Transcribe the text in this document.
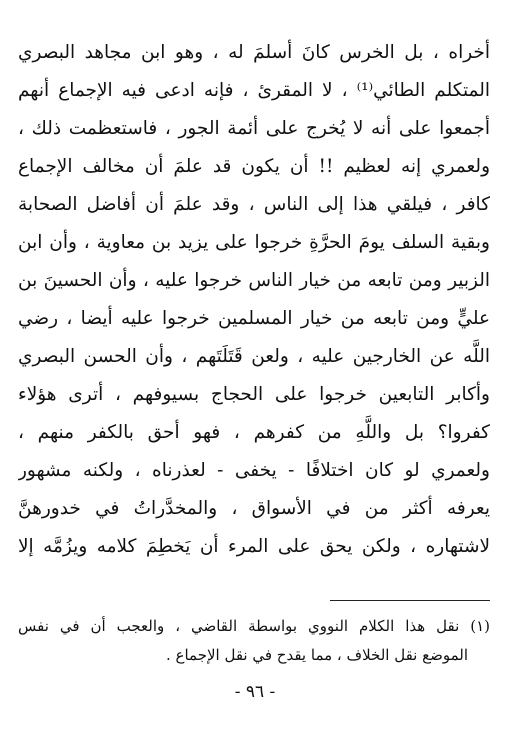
أخراه ، بل الخرس كانَ أسلمَ له ، وهو ابن مجاهد البصري
المتكلم الطائي⁽¹⁾ ، لا المقرئ ، فإنه ادعى فيه الإجماع أنهم
أجمعوا على أنه لا يُخرج على أئمة الجور ، فاستعظمت ذلك ،
ولعمري إنه لعظيم !! أن يكون قد علمَ أن مخالف الإجماع
كافر ، فيلقي هذا إلى الناس ، وقد علمَ أن أفاضل الصحابة
وبقية السلف يومَ الحرَّةِ خرجوا على يزيد بن معاوية ، وأن ابن
الزبير ومن تابعه من خيار الناس خرجوا عليه ، وأن الحسينَ بن
عليٍّ ومن تابعه من خيار المسلمين خرجوا عليه أيضا ، رضي
اللَّه عن الخارجين عليه ، ولعن قَتَلَتَهم ، وأن الحسن البصري
وأكابر التابعين خرجوا على الحجاج بسيوفهم ، أترى هؤلاء
كفروا؟ بل واللَّهِ من كفرهم ، فهو أحق بالكفر منهم ،
ولعمري لو كان اختلافًا - يخفى - لعذرناه ، ولكنه مشهور
يعرفه أكثر من في الأسواق ، والمخدَّراتُ في خدورهنَّ
لاشتهاره ، ولكن يحق على المرء أن يَخطِمَ كلامه ويزُمَّه إلا
(١) نقل هذا الكلام النووي بواسطة القاضي ، والعجب أن في نفس
الموضع نقل الخلاف ، مما يقدح في نقل الإجماع .
- ٩٦ -
